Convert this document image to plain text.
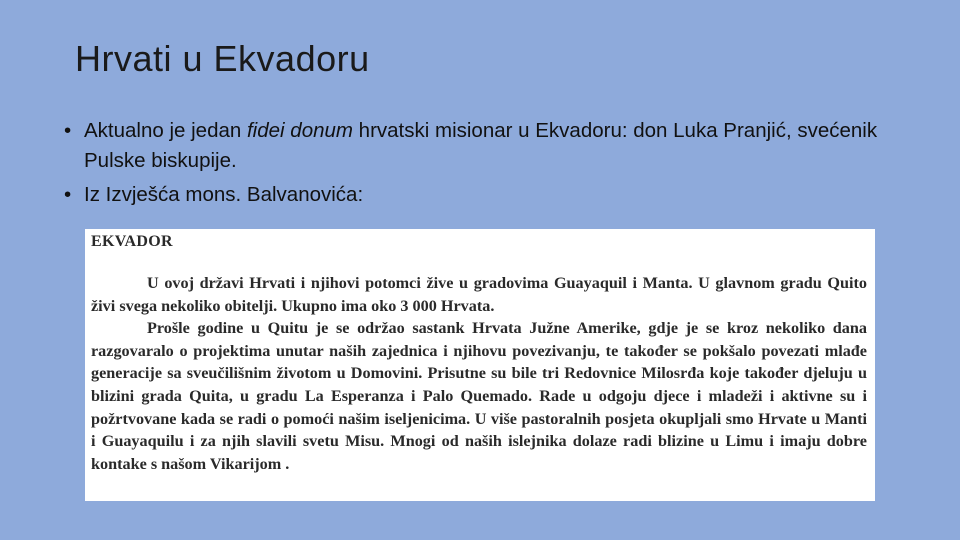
Hrvati u Ekvadoru
• Aktualno je jedan fidei donum hrvatski misionar u Ekvadoru: don Luka Pranjić, svećenik Pulske biskupije.
• Iz Izvješća mons. Balvanovića:
EKVADOR

U ovoj državi Hrvati i njihovi potomci žive u gradovima Guayaquil i Manta. U glavnom gradu Quito živi svega nekoliko obitelji. Ukupno ima oko 3 000 Hrvata.

Prošle godine u Quitu je se održao sastank Hrvata Južne Amerike, gdje je se kroz nekoliko dana razgovaralo o projektima unutar naših zajednica i njihovu povezivanju, te također se pokšalo povezati mlađe generacije sa sveučilišnim životom u Domovini. Prisutne su bile tri Redovnice Milosrđa koje također djeluju u blizini grada Quita, u gradu La Esperanza i Palo Quemado. Rade u odgoju djece i mladeži i aktivne su i požrtvovane kada se radi o pomoći našim iseljenicima. U više pastoralnih posjeta okupljali smo Hrvate u Manti i Guayaquilu i za njih slavili svetu Misu. Mnogi od naših islejnika dolaze radi blizine u Limu i imaju dobre kontake s našom Vikarijom .
